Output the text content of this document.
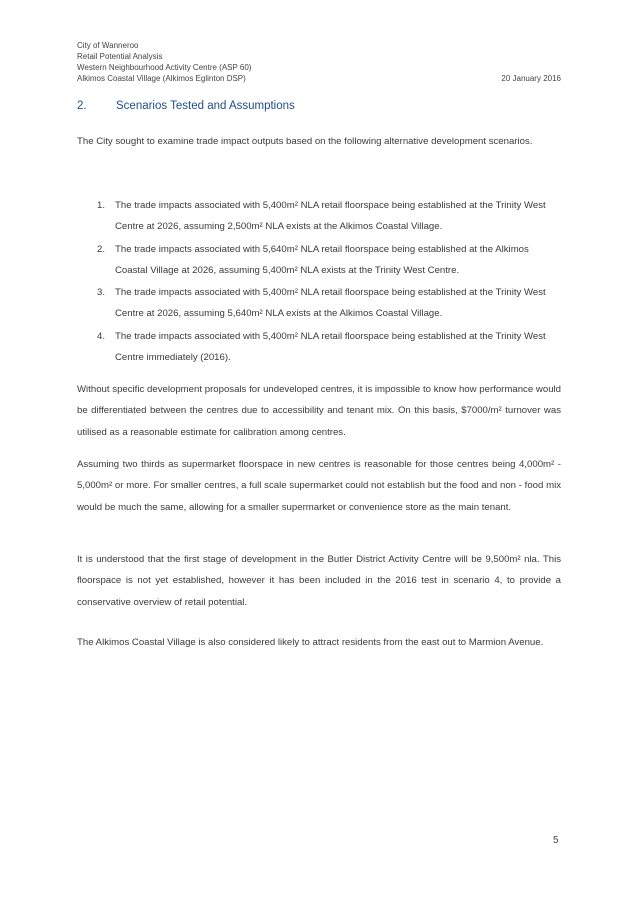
City of Wanneroo
Retail Potential Analysis
Western Neighbourhood Activity Centre (ASP 60)
Alkimos Coastal Village (Alkimos Eglinton DSP)	20 January 2016
2.	Scenarios Tested and Assumptions
The City sought to examine trade impact outputs based on the following alternative development scenarios.
1.	The trade impacts associated with 5,400m² NLA retail floorspace being established at the Trinity West Centre at 2026, assuming 2,500m² NLA exists at the Alkimos Coastal Village.
2.	The trade impacts associated with 5,640m² NLA retail floorspace being established at the Alkimos Coastal Village at 2026, assuming 5,400m² NLA exists at the Trinity West Centre.
3.	The trade impacts associated with 5,400m² NLA retail floorspace being established at the Trinity West Centre at 2026, assuming 5,640m² NLA exists at the Alkimos Coastal Village.
4.	The trade impacts associated with 5,400m² NLA retail floorspace being established at the Trinity West Centre immediately (2016).
Without specific development proposals for undeveloped centres, it is impossible to know how performance would be differentiated between the centres due to accessibility and tenant mix. On this basis, $7000/m² turnover was utilised as a reasonable estimate for calibration among centres.
Assuming two thirds as supermarket floorspace in new centres is reasonable for those centres being 4,000m² - 5,000m² or more. For smaller centres, a full scale supermarket could not establish but the food and non - food mix would be much the same, allowing for a smaller supermarket or convenience store as the main tenant.
It is understood that the first stage of development in the Butler District Activity Centre will be 9,500m² nla. This floorspace is not yet established, however it has been included in the 2016 test in scenario 4, to provide a conservative overview of retail potential.
The Alkimos Coastal Village is also considered likely to attract residents from the east out to Marmion Avenue.
5
